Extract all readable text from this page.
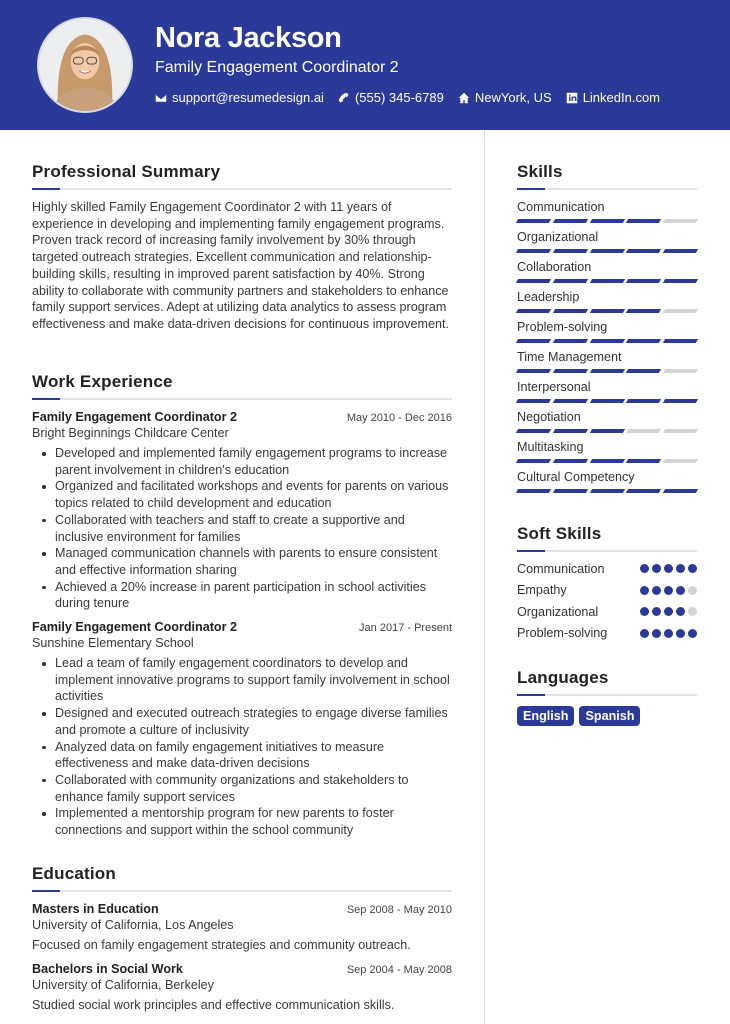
Nora Jackson
Family Engagement Coordinator 2
support@resumedesign.ai (555) 345-6789 NewYork, US LinkedIn.com
Professional Summary

Highly skilled Family Engagement Coordinator 2 with 11 years of experience in developing and implementing family engagement programs. Proven track record of increasing family involvement by 30% through targeted outreach strategies. Excellent communication and relationship-building skills, resulting in improved parent satisfaction by 40%. Strong ability to collaborate with community partners and stakeholders to enhance family support services. Adept at utilizing data analytics to assess program effectiveness and make data-driven decisions for continuous improvement.

Work Experience
Family Engagement Coordinator 2	May 2010 - Dec 2016
Bright Beginnings Childcare Center
Developed and implemented family engagement programs to increase parent involvement in children's education
Organized and facilitated workshops and events for parents on various topics related to child development and education
Collaborated with teachers and staff to create a supportive and inclusive environment for families
Managed communication channels with parents to ensure consistent and effective information sharing
Achieved a 20% increase in parent participation in school activities during tenure
Family Engagement Coordinator 2	Jan 2017 - Present
Sunshine Elementary School
Lead a team of family engagement coordinators to develop and implement innovative programs to support family involvement in school activities
Designed and executed outreach strategies to engage diverse families and promote a culture of inclusivity
Analyzed data on family engagement initiatives to measure effectiveness and make data-driven decisions
Collaborated with community organizations and stakeholders to enhance family support services
Implemented a mentorship program for new parents to foster connections and support within the school community
Education
Masters in Education	Sep 2008 - May 2010
University of California, Los Angeles

Focused on family engagement strategies and community outreach.

Bachelors in Social Work	Sep 2004 - May 2008
University of California, Berkeley

Studied social work principles and effective communication skills.

Skills
Communication
Organizational
Collaboration
Leadership
Problem-solving
Time Management
Interpersonal
Negotiation
Multitasking
Cultural Competency
Soft Skills
Communication
Empathy
Organizational
Problem-solving
Languages
English	Spanish
